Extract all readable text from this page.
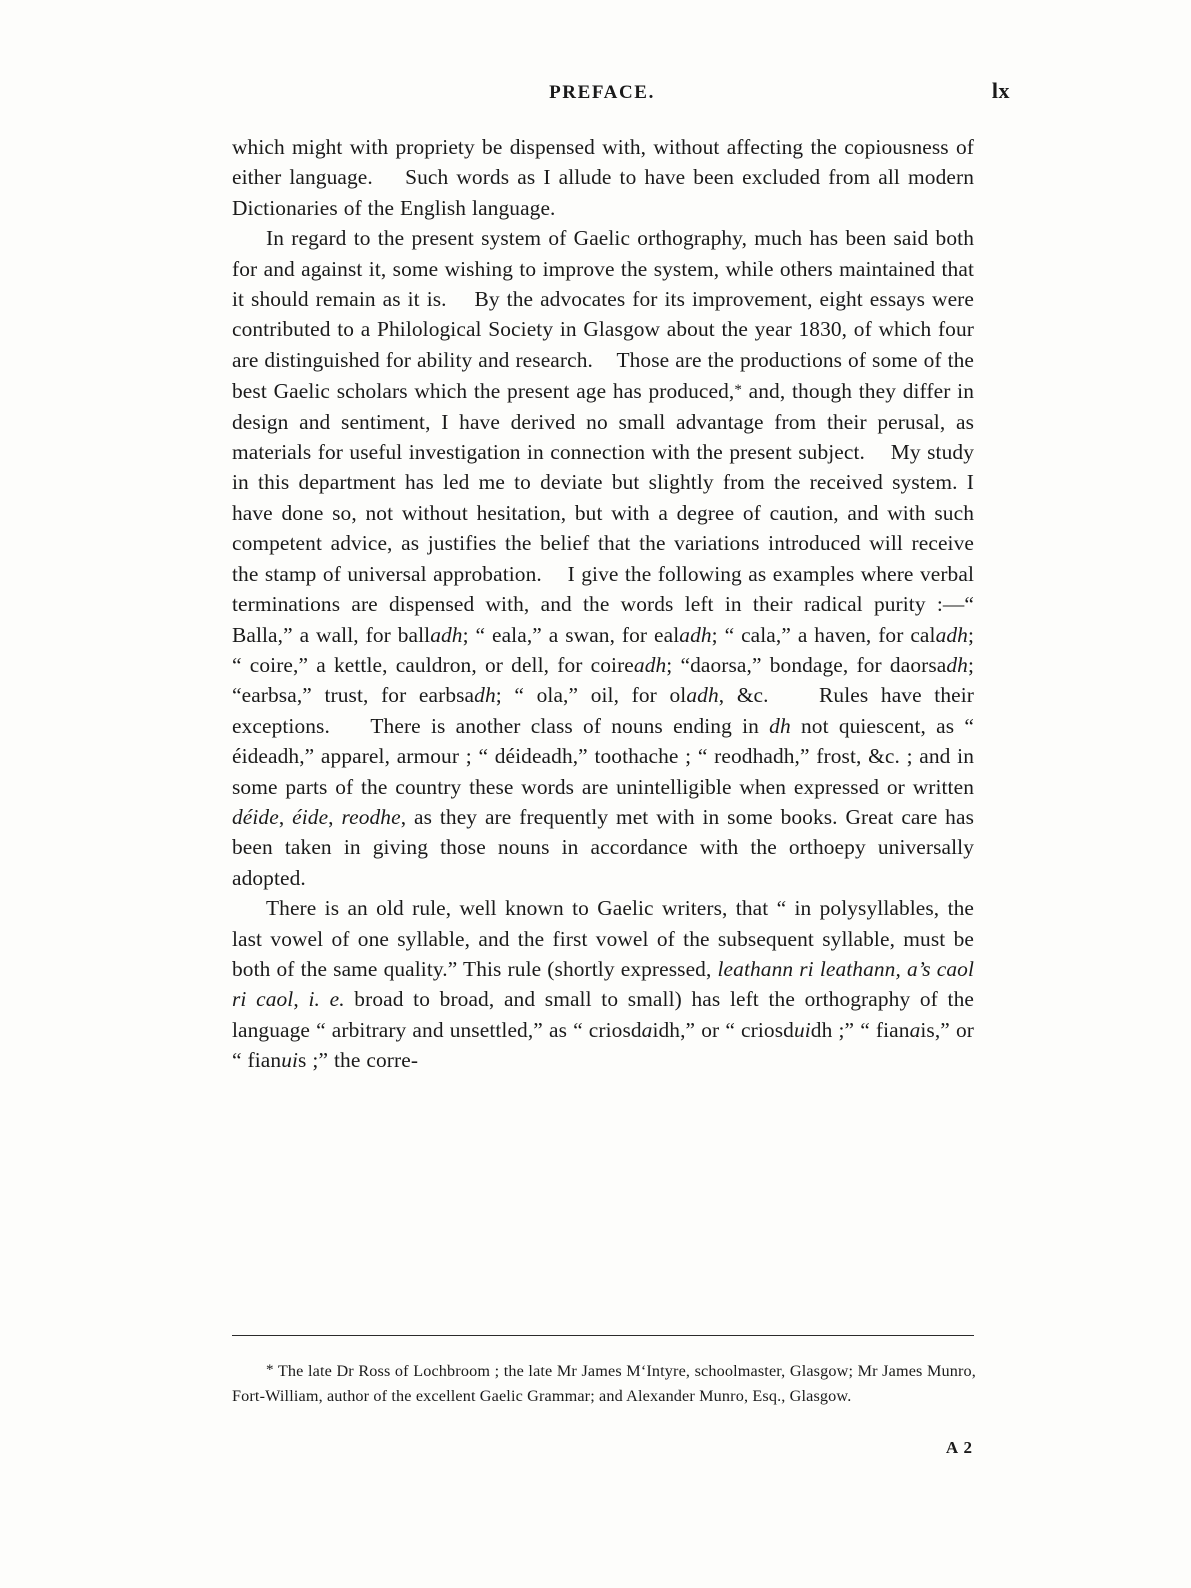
PREFACE.	lx

which might with propriety be dispensed with, without affecting the copiousness of either language.    Such words as I allude to have been excluded from all modern Dictionaries of the English language.

In regard to the present system of Gaelic orthography, much has been said both for and against it, some wishing to improve the system, while others maintained that it should remain as it is.    By the advocates for its improvement, eight essays were contributed to a Philological Society in Glasgow about the year 1830, of which four are distinguished for ability and research.    Those are the productions of some of the best Gaelic scholars which the present age has produced,* and, though they differ in design and sentiment, I have derived no small advantage from their perusal, as materials for useful investigation in connection with the present subject.    My study in this department has led me to deviate but slightly from the received system. I have done so, not without hesitation, but with a degree of caution, and with such competent advice, as justifies the belief that the variations introduced will receive the stamp of universal approbation.    I give the following as examples where verbal terminations are dispensed with, and the words left in their radical purity :—“ Balla,” a wall, for balladh; “ eala,” a swan, for ealadh; “ cala,” a haven, for caladh; “ coire,” a kettle, cauldron, or dell, for coireadh; “daorsa,” bondage, for daorsadh; “earbsa,” trust, for earbsadh; “ ola,” oil, for oladh, &c.    Rules have their exceptions.    There is another class of nouns ending in dh not quiescent, as “ éideadh,” apparel, armour ; “ déideadh,” toothache ; “ reodhadh,” frost, &c. ; and in some parts of the country these words are unintelligible when expressed or written déide, éide, reodhe, as they are frequently met with in some books. Great care has been taken in giving those nouns in accordance with the orthoepy universally adopted.

There is an old rule, well known to Gaelic writers, that “ in polysyllables, the last vowel of one syllable, and the first vowel of the subsequent syllable, must be both of the same quality.” This rule (shortly expressed, leathann ri leathann, a’s caol ri caol, i. e. broad to broad, and small to small) has left the orthography of the language “ arbitrary and unsettled,” as “ criosdaidh,” or “ criosduidh ;” “ fianais,” or “ fianuis ;” the corre-

* The late Dr Ross of Lochbroom ; the late Mr James M‘Intyre, schoolmaster, Glasgow; Mr James Munro, Fort-William, author of the excellent Gaelic Grammar; and Alexander Munro, Esq., Glasgow.
A 2
